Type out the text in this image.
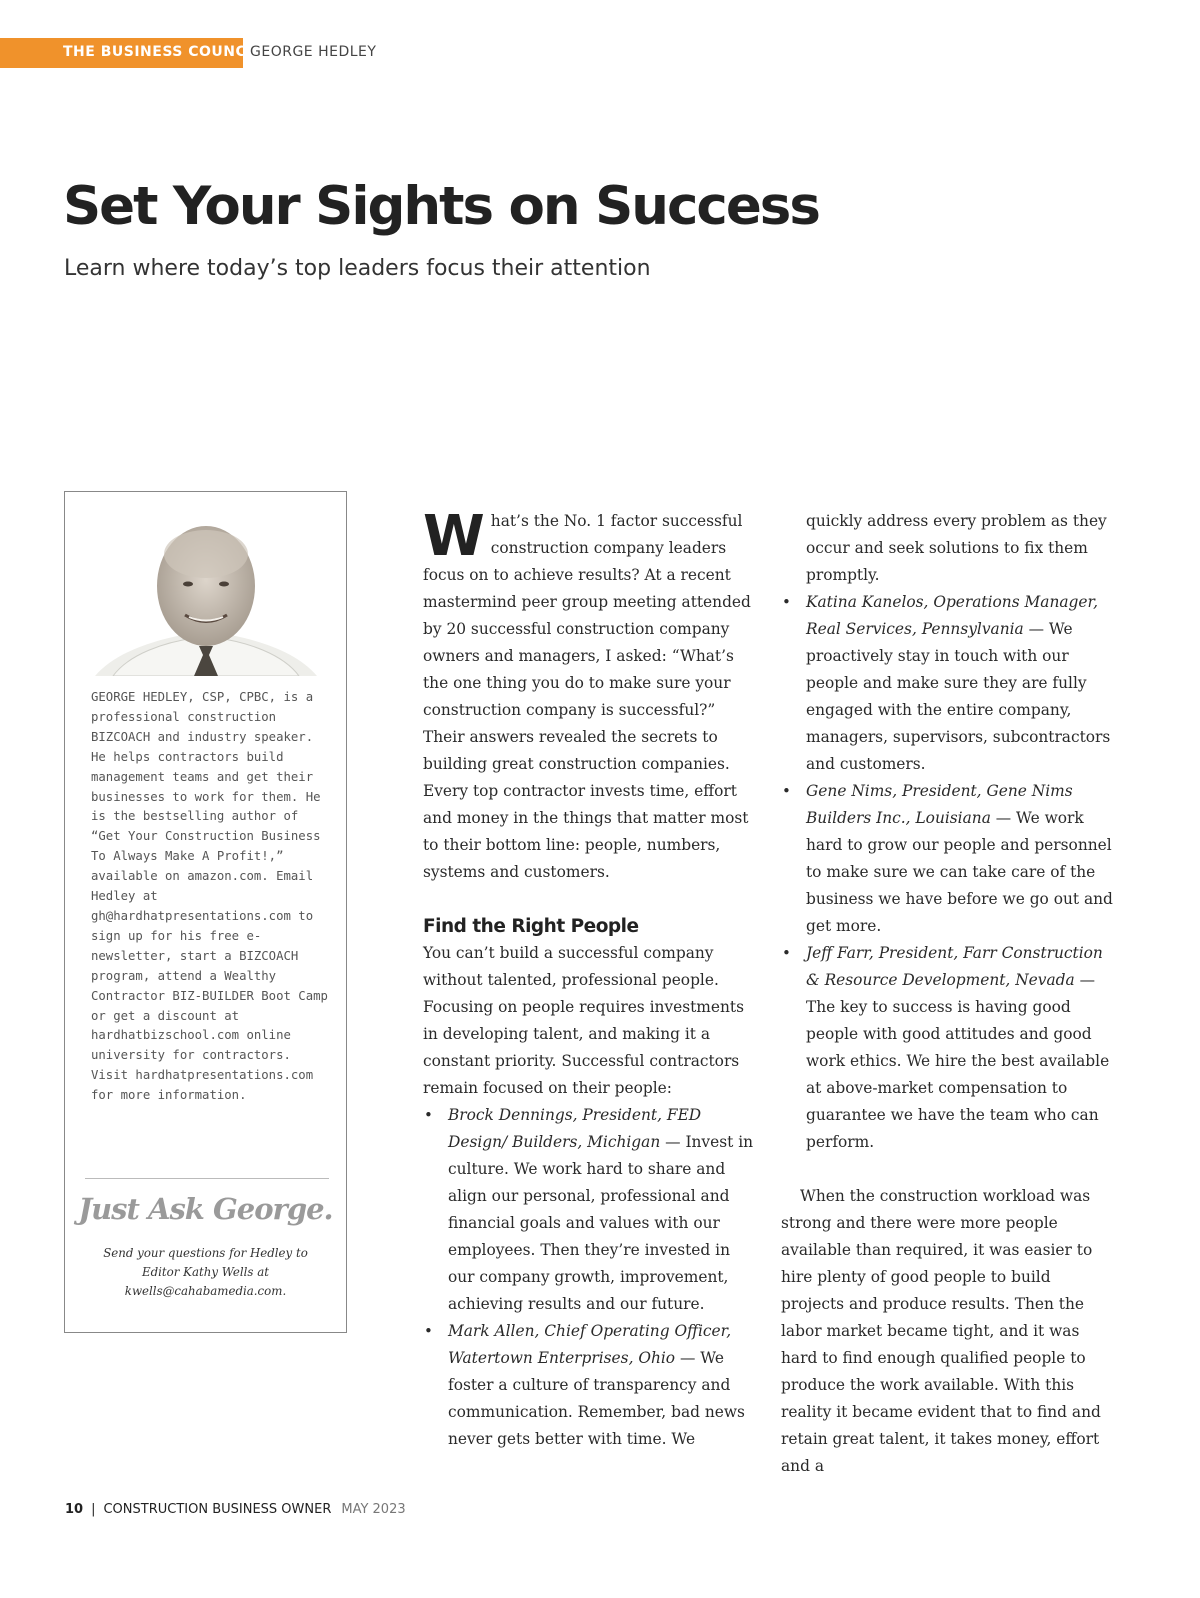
THE BUSINESS COUNCIL
GEORGE HEDLEY
Set Your Sights on Success
Learn where today’s top leaders focus their attention

GEORGE HEDLEY, CSP, CPBC, is a professional construction BIZCOACH and industry speaker. He helps contractors build management teams and get their businesses to work for them. He is the bestselling author of “Get Your Construction Business To Always Make A Profit!,” available on amazon.com. Email Hedley at gh@hardhatpresentations.com to sign up for his free e-newsletter, start a BIZCOACH program, attend a Wealthy Contractor BIZ-BUILDER Boot Camp or get a discount at hardhatbizschool.com online university for contractors. Visit hardhatpresentations.com for more information.

Just Ask George.

Send your questions for Hedley to Editor Kathy Wells at kwells@cahabamedia.com.

What’s the No. 1 factor successful construction company leaders focus on to achieve results? At a recent mastermind peer group meeting attended by 20 successful construction company owners and managers, I asked: “What’s the one thing you do to make sure your construction company is successful?” Their answers revealed the secrets to building great construction companies. Every top contractor invests time, effort and money in the things that matter most to their bottom line: people, numbers, systems and customers.

Find the Right People

You can’t build a successful company without talented, professional people. Focusing on people requires investments in developing talent, and making it a constant priority. Successful contractors remain focused on their people:

• Brock Dennings, President, FED Design/ Builders, Michigan — Invest in culture. We work hard to share and align our personal, professional and financial goals and values with our employees. Then they’re invested in our company growth, improvement, achieving results and our future.
• Mark Allen, Chief Operating Officer, Watertown Enterprises, Ohio — We foster a culture of transparency and communication. Remember, bad news never gets better with time. We

quickly address every problem as they occur and seek solutions to fix them promptly.

• Katina Kanelos, Operations Manager, Real Services, Pennsylvania — We proactively stay in touch with our people and make sure they are fully engaged with the entire company, managers, supervisors, subcontractors and customers.
• Gene Nims, President, Gene Nims Builders Inc., Louisiana — We work hard to grow our people and personnel to make sure we can take care of the business we have before we go out and get more.
• Jeff Farr, President, Farr Construction & Resource Development, Nevada — The key to success is having good people with good attitudes and good work ethics. We hire the best available at above-market compensation to guarantee we have the team who can perform.

When the construction workload was strong and there were more people available than required, it was easier to hire plenty of good people to build projects and produce results. Then the labor market became tight, and it was hard to find enough qualified people to produce the work available. With this reality it became evident that to find and retain great talent, it takes money, effort and a

10 | CONSTRUCTION BUSINESS OWNER MAY 2023
